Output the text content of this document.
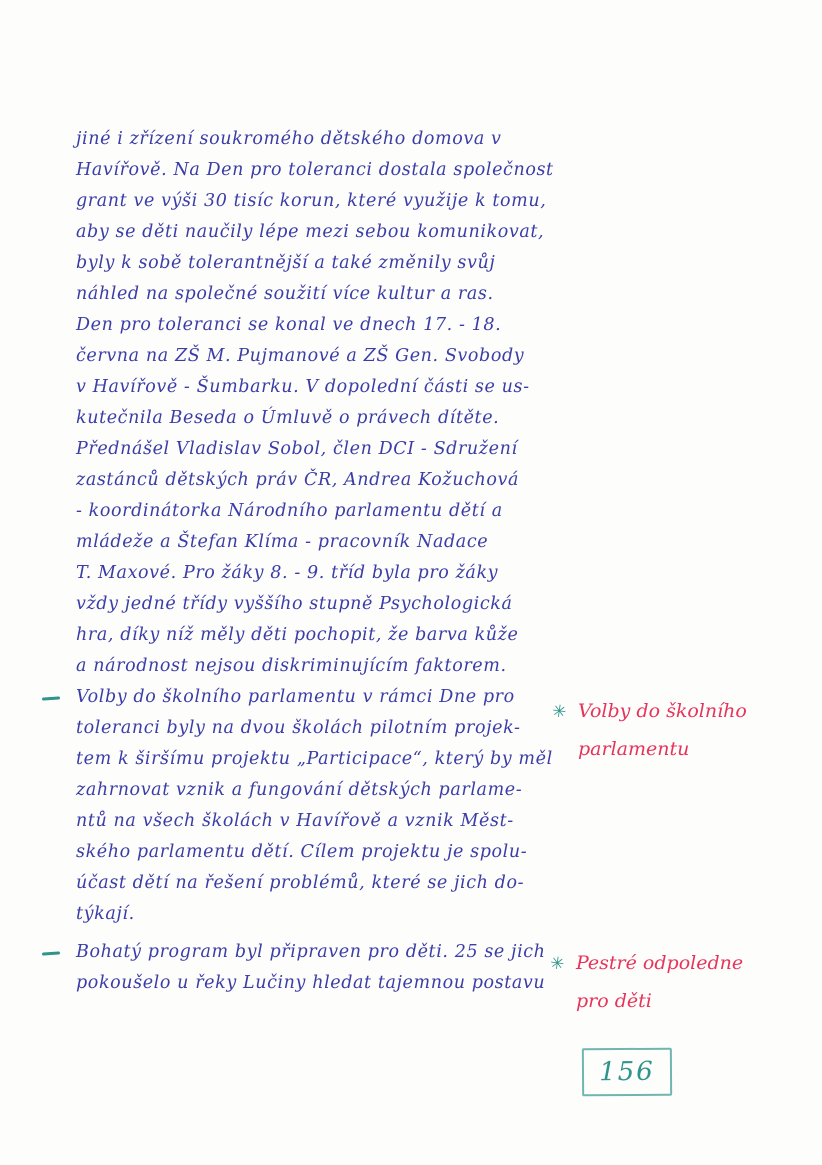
jiné i zřízení soukromého dětského domova v
Havířově. Na Den pro toleranci dostala společnost
grant ve výši 30 tisíc korun, které využije k tomu,
aby se děti naučily lépe mezi sebou komunikovat,
byly k sobě tolerantnější a také změnily svůj
náhled na společné soužití více kultur a ras.
Den pro toleranci se konal ve dnech 17. - 18.
června na ZŠ M. Pujmanové a ZŠ Gen. Svobody
v Havířově - Šumbarku. V dopolední části se us-
kutečnila Beseda o Úmluvě o právech dítěte.
Přednášel Vladislav Sobol, člen DCI - Sdružení
zastánců dětských práv ČR, Andrea Kožuchová
- koordinátorka Národního parlamentu dětí a
mládeže a Štefan Klíma - pracovník Nadace
T. Maxové. Pro žáky 8. - 9. tříd byla pro žáky
vždy jedné třídy vyššího stupně Psychologická
hra, díky níž měly děti pochopit, že barva kůže
a národnost nejsou diskriminujícím faktorem.
Volby do školního parlamentu v rámci Dne pro
toleranci byly na dvou školách pilotním projek-
tem k širšímu projektu „Participace“, který by měl
zahrnovat vznik a fungování dětských parlame-
ntů na všech školách v Havířově a vznik Měst-
ského parlamentu dětí. Cílem projektu je spolu-
účast dětí na řešení problémů, které se jich do-
týkají.
Bohatý program byl připraven pro děti. 25 se jich
pokoušelo u řeky Lučiny hledat tajemnou postavu
✳ Volby do školního
parlamentu
✳ Pestré odpoledne
pro děti
156
